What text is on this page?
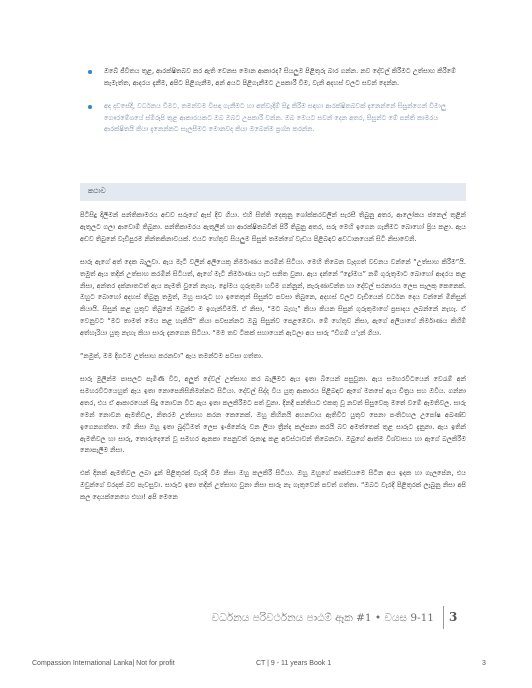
ඔබේ ජීවිතය තුළ, ආරක්ෂිතබව කර ඇති වෙනස මොන ආකාරද? සියලුම පිළිතුරු බාර ගන්න. නව දේවල් කිරීමට උත්සාහ කිරීමේ කැමැත්ත, ආදරය දැනීම, අපිට පිළිගැනීම, අන් අයට පිළිගැනීමට උපකාරී වීම, වැනි අදහස් වලට සවන් දෙන්න.
අද දවසේදී, වර්ධනය වීමට, තමන්වම විසඳා ගැනීමට හා අත්වැදීම් සිදු කිරීම සඳහා ආරක්ෂිතබවක් දැනෙන්නේ සිසුන්ගෙන් වීමාලු ගෞරමේශයේ ස්මීරූපි තුළ ආකාරයකට ඔබ ඔබට උපකාරී වන්න. ඔබ මෙයට සවන් දෙන අතර, සිසුන්ට මේ පන්ති කාමරය ආරක්ෂිතයි කියා දැනෙන්නට සැලසීමට මොනවද කියා ඔබෙන්ම ප්‍රශ්න කරන්න.
කථාව

පිටිසිදු දිලීමන් පන්තිකාමරය අඩව සරුගේ ඇස් දිව ගියා. එහි සිත්ති දෙකුනු ශෝක්කරවලින් සැරසී තිබුනු අතර, ආලෝකය ජනෙල් තුළින් ඇතුලට ගලා ආවොම් තිබුනා. පන්තිකාමරය ඇතුලින් හා ආරක්ෂිතබවින් පිරී තිබුනු අතර, සරු මෙහි ඉගෙන ගැනීමට බොහෝ ප්‍රිය කළා. ඇය අඩව තිබුනේ වැඩිපුරම නින්තකිනාවයක්. එයට හේතුව සියලුම සිසුන් තමන්ගේ වැඩය පිළිබඳව අවධානයෙන් සිටි නිසාවෙනි.

සාරු ඇගේ අත් දෙක බැලුවා. ඇය මැටි වලින් අලියෙකු නිර්මාණය කරමින් සිටියා. මෙහි තිබෙන වැදගත් වචනය වන්නේ “උත්සාහ කිරීම”යි. තමුත් ඇය තදින් උත්සාහ කරමින් සිටියත්, ඇගේ මැටි නිර්මාණය හැට සනිත වුනා. ඇය දන්නේ “ද්‍රෝමය” නම් ගුරුතුමාට බොහෝ ආදරය කළ නිසා, අන්තර දක්නාතටත් ඇය කැමති වුනේ නැහැ. ද්‍රෝමය ගුරුතුමා හවිම ගන්නුන්, කැරුණාවන්ත හා දේවල් සරනාරය ලෙස සැලකු කෙනෙක්. ඔහුට බොහෝ අදහස් තිබුනු තමුත්, ඔහු සාරුට හා ඉතෙතුන් සිසුන්ට පවසා තිබුනෙ, අදහස් වලට වැඩියෙන් වර්ධන දෙය වන්නේ මිනිසුන් කියායි. සිසුන් කළ යුතුව තිබුනේ ඔබුන්ට ම ඉගැන්වීමයි. ඒ නිසා, “මට බැහැ” කියා කියන සිසුන් ගුරුතුමාගේ ප්‍රසාදය ලබන්නේ නැහැ. ඒ වෙනුවට “මට තාමත් මෙය කළ හැකියි” කියා පවසන්නට ඔබු සිසුන්ව පෙළඹෙවා. මේ හේතුව නිසා, ඇගේ අලියාගේ නිර්මාණය කිහිම් අත්හැරියා යුතු නැහැ කියා සාරු දැනගෙන සිටියා. “මම තව ටිකක් සහායෙන් ඇටලා අය සාරු “ඩිගම් ය”ැන් ගියා.

“නමුත්, මම දිගටම උත්සාහ කරනවා” ඇය තමන්ටම පවසා ගත්තා.

සාරු මුලින්ම පාසලට පැමිණි විට, අලුත් දේවල් උත්සාහ කර බැලීමට ඇය ඉතා බියෙන් පසුවුනා. ඇය සමහරවිටයෙන් වෙරැම් අන් සමහරවිටයෙහුත් ඇය ඉතා නොපෙනිසිනිමන්නට සිටියා. දේවල් සිද්ද විය යුතු ආකාරය පිළිබඳව ඇගේ මනසේ ඇය චිත්‍රය සහ ඔවිය. ගන්නා අතර, එය ඒ ආකාරයෙන් සිදු නොවන විට ඇය ඉතා කලකිරීමට පත් වුනා. දිනදී පන්තියට එකතු වූ නවත් සිසුවෙකු මතේ වමේ ඇමතිවල. සාරු මෙන් නොවන ඇමතිවල, නිතරම උත්සාහ කරන කෙනෙක්. ඔහු කිහිනයි අහනවාය ඇතිවිට යුතුව පෙනා පංතිටහල උපෝෂ අඛණ්ඩ ඉගෙනගත්තා. මේ නිසා ඔහු ඉතා බුද්ධිමත් ලෙස ඉංජිනේරු වන ලියා ත්‍රීන්ද කල්පනා කරයි බව අමත්තෙක් තුළ සාරුට දැනුනා. ඇය ඉතින් ඇමතිවල හා සාරු, තොරුදෙනේ වූ සමහර ඇනකා පෙනුවත් රුනාදු කළ අවස්ථාවන් තිබෙනවා. ඔබුගේ ආත්ම විශ්වාසය හා ඇගේ බලකිරීම නොපැලීම නිසා.

එක් දිනක් ඇමතිවල ලබා දුන් පිළිතුරක් වැරදි වීම නිසා ඔහු කලකිරී සිටියා. ඔහු ඔහුගේ කෘන්ඩයමෙ සිටින අය ඉදක හා ගැලපේන, එය ඔවුන්ගේ වරදක් බව පැවසුවා. සාරුට ඉතා තදින් උත්සාහ වුනා නිසා සාරු නැ ගැතුවෙන් පවත් ගත්තා. “ඔබට වැරදි පිළිතුරක් ලැබුනු නිසා අපි කල දෙයක්නෙහෙ එහා! අපි මෙනෙ

වර්ධනය පරිවර්ථනය පාඨම් ඈක #1 • වයස 9-11 3
Compassion International Lanka| Not for profit	CT | 9 - 11 years Book 1	3
